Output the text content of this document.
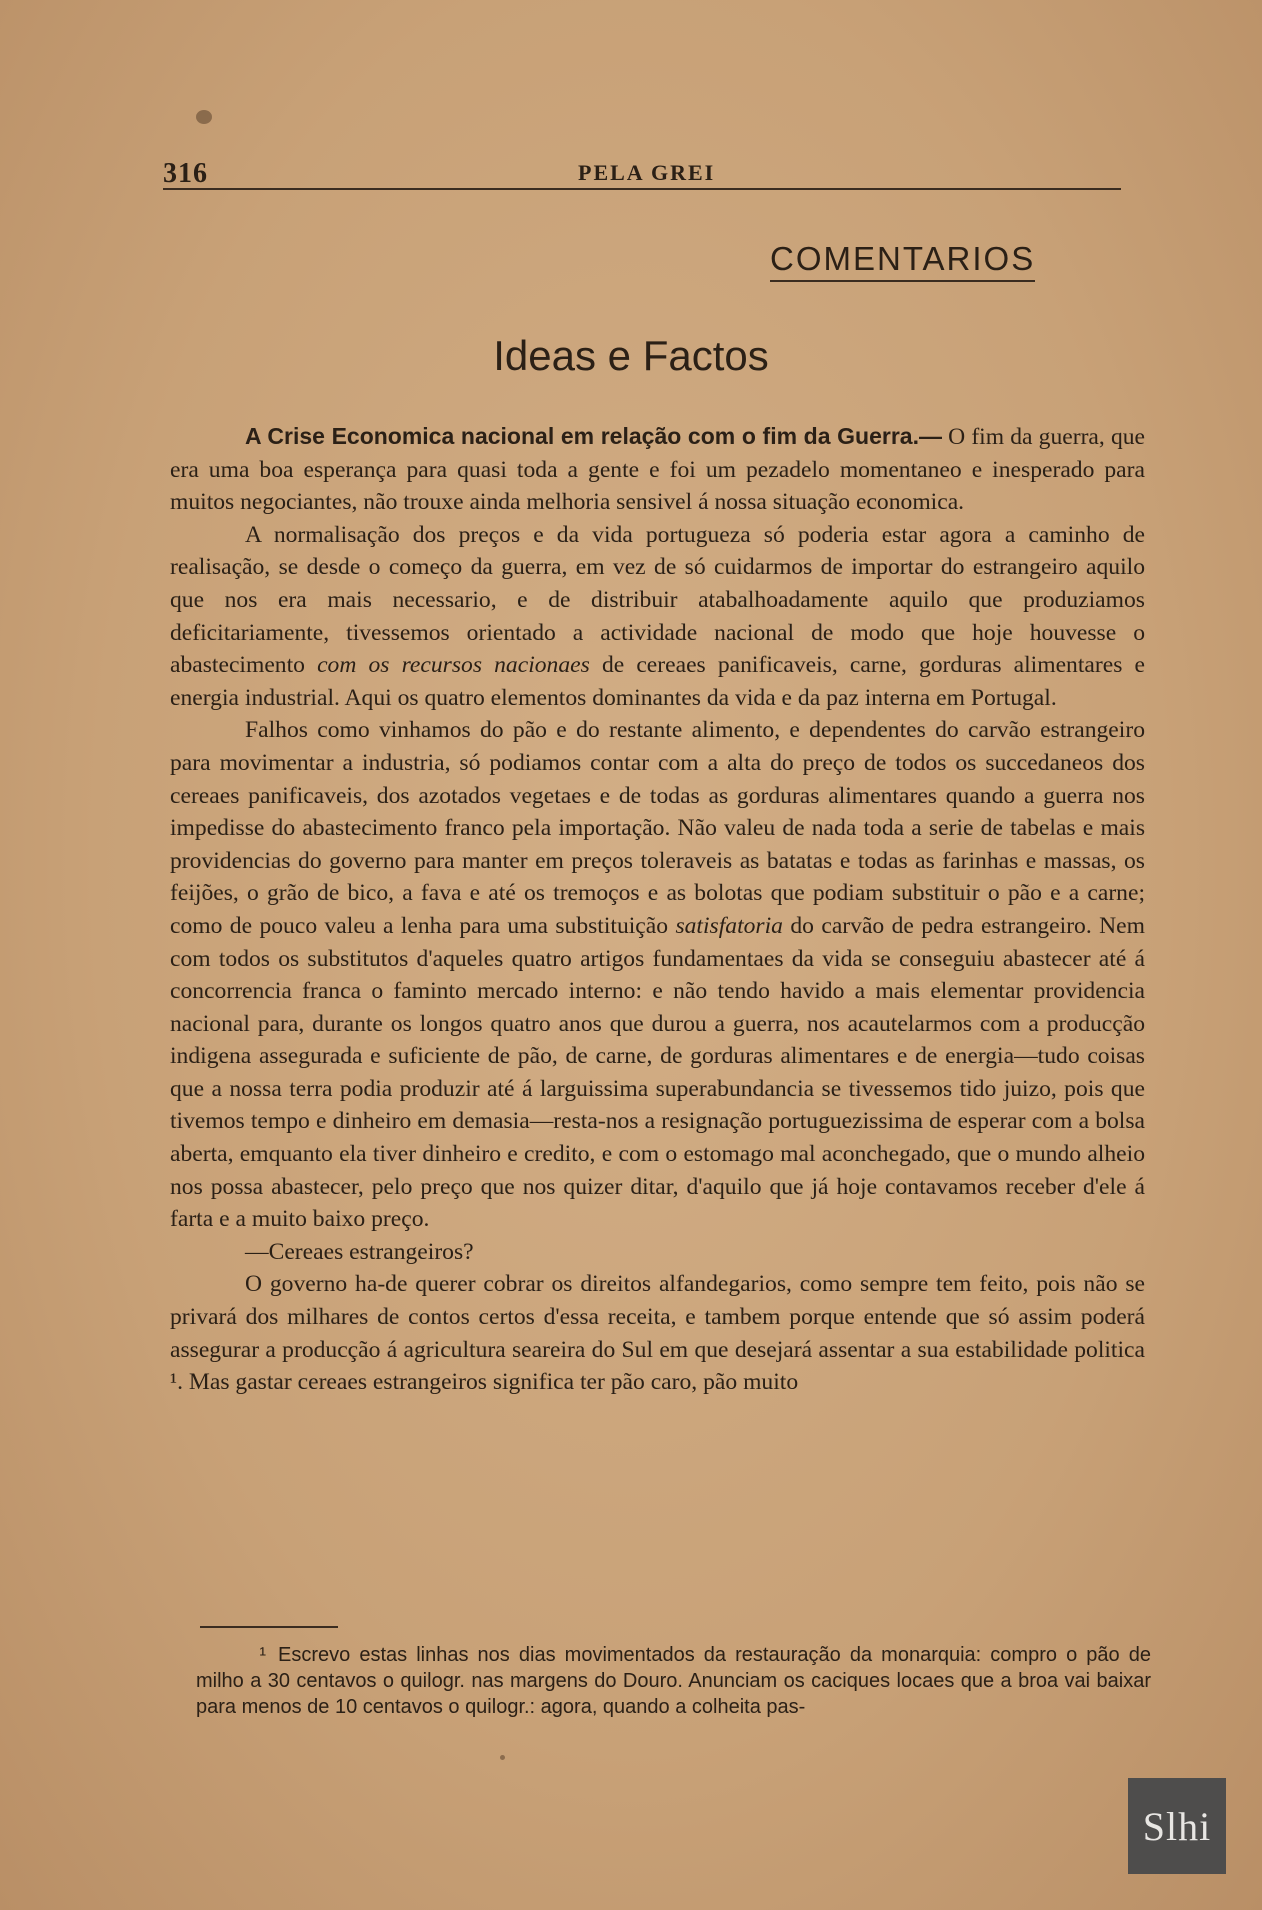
316	PELA GREI
COMENTARIOS
Ideas e Factos

A Crise Economica nacional em relação com o fim da Guerra.— O fim da guerra, que era uma boa esperança para quasi toda a gente e foi um pezadelo momentaneo e inesperado para muitos negociantes, não trouxe ainda melhoria sensivel á nossa situação economica.

A normalisação dos preços e da vida portugueza só poderia estar agora a caminho de realisação, se desde o começo da guerra, em vez de só cuidarmos de importar do estrangeiro aquilo que nos era mais necessario, e de distribuir atabalhoadamente aquilo que produziamos deficitariamente, tivessemos orientado a actividade nacional de modo que hoje houvesse o abastecimento com os recursos nacionaes de cereaes panificaveis, carne, gorduras alimentares e energia industrial. Aqui os quatro elementos dominantes da vida e da paz interna em Portugal.

Falhos como vinhamos do pão e do restante alimento, e dependentes do carvão estrangeiro para movimentar a industria, só podiamos contar com a alta do preço de todos os succedaneos dos cereaes panificaveis, dos azotados vegetaes e de todas as gorduras alimentares quando a guerra nos impedisse do abastecimento franco pela importação. Não valeu de nada toda a serie de tabelas e mais providencias do governo para manter em preços toleraveis as batatas e todas as farinhas e massas, os feijões, o grão de bico, a fava e até os tremoços e as bolotas que podiam substituir o pão e a carne; como de pouco valeu a lenha para uma substituição satisfatoria do carvão de pedra estrangeiro. Nem com todos os substitutos d'aqueles quatro artigos fundamentaes da vida se conseguiu abastecer até á concorrencia franca o faminto mercado interno: e não tendo havido a mais elementar providencia nacional para, durante os longos quatro anos que durou a guerra, nos acautelarmos com a producção indigena assegurada e suficiente de pão, de carne, de gorduras alimentares e de energia—tudo coisas que a nossa terra podia produzir até á larguissima superabundancia se tivessemos tido juizo, pois que tivemos tempo e dinheiro em demasia—resta-nos a resignação portuguezissima de esperar com a bolsa aberta, emquanto ela tiver dinheiro e credito, e com o estomago mal aconchegado, que o mundo alheio nos possa abastecer, pelo preço que nos quizer ditar, d'aquilo que já hoje contavamos receber d'ele á farta e a muito baixo preço.

—Cereaes estrangeiros?

O governo ha-de querer cobrar os direitos alfandegarios, como sempre tem feito, pois não se privará dos milhares de contos certos d'essa receita, e tambem porque entende que só assim poderá assegurar a producção á agricultura seareira do Sul em que desejará assentar a sua estabilidade politica ¹. Mas gastar cereaes estrangeiros significa ter pão caro, pão muito

¹ Escrevo estas linhas nos dias movimentados da restauração da monarquia: compro o pão de milho a 30 centavos o quilogr. nas margens do Douro. Anunciam os caciques locaes que a broa vai baixar para menos de 10 centavos o quilogr.: agora, quando a colheita pas-
Slhi
